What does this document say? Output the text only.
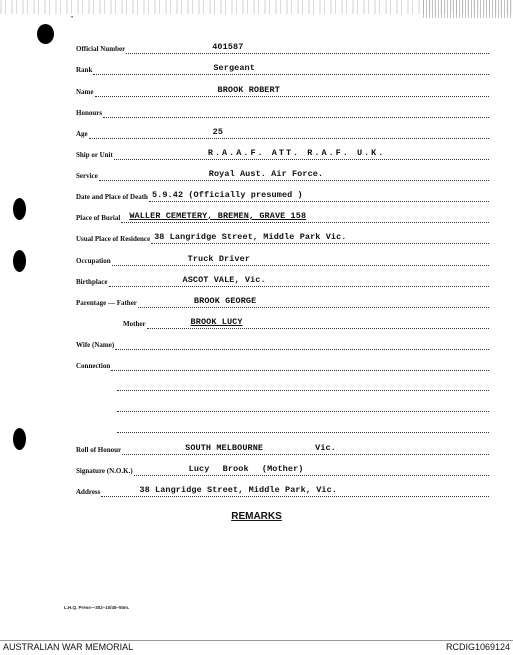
•
Official Number	401587
Rank	Sergeant
Name	BROOK ROBERT
Honours
Age	25
Ship or Unit	R.A.A.F. ATT. R.A.F. U.K.
Service	Royal Aust. Air Force.
Date and Place of Death 5.9.42 (Officially presumed )
Place of Burial WALLER CEMETERY, BREMEN, GRAVE 158
Usual Place of Residence 38 Langridge Street, Middle Park Vic.
Occupation	Truck Driver
Birthplace	ASCOT VALE, Vic.
Parentage — Father	BROOK GEORGE
Mother	BROOK LUCY
Wife (Name)
Connection
Roll of Honour	SOUTH MELBOURNE	Vic.
Signature (N.O.K.)	Lucy Brook (Mother)
Address	38 Langridge Street, Middle Park, Vic.
REMARKS
L.H.Q. Press—302–10/45–50m.
AUSTRALIAN WAR MEMORIAL	RCDIG1069124
